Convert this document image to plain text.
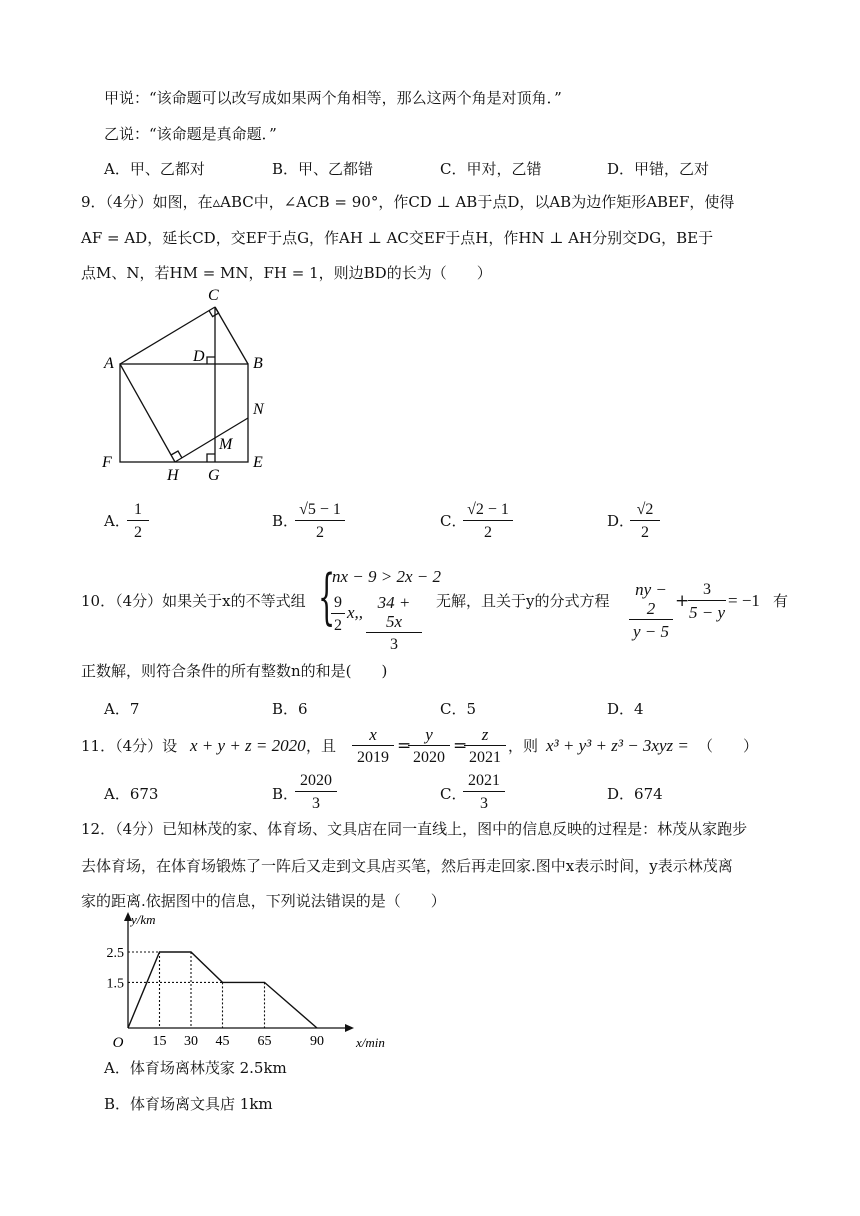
甲说：“该命题可以改写成如果两个角相等，那么这两个角是对顶角．”
乙说：“该命题是真命题．”
A．甲、乙都对	B．甲、乙都错	C．甲对，乙错	D．甲错，乙对
9．（4分）如图，在▵ABC中，∠ACB = 90°，作CD ⊥ AB于点D，以AB为边作矩形ABEF，使得
AF = AD，延长CD，交EF于点G，作AH ⊥ AC交EF于点H，作HN ⊥ AH分别交DG，BE于
点M、N，若HM = MN，FH = 1，则边BD的长为（　　）
C
D
A	B
N
M
F
H G
E
A．
$\frac{1}{2}$	B．
$\frac{√5 - 1}{2}$	C．
$\frac{√2 - 1}{2}$	D．
$\frac{√2}{2}$
10．（4分）如果关于x的不等式组 {
nx − 9 > 2x − 2
$\frac{9}{2} x$,, $\frac{34 + 5x}{3}$ 无解，且关于y的分式方程 $\frac{ny - 2}{y - 5}$ +
$\frac{3}{5 - y} = -1$ 有
正数解，则符合条件的所有整数n的和是(　　)
A．7	B．6	C．5	D．4
11．（4分）设 x + y + z = 2020 ，且 $\frac{x}{2019}$ =
$\frac{y}{2020}$ =
$\frac{z}{2021}$ ，则 x³ + y³ + z³ − 3xyz = （　　）
A．673	B．
$\frac{2020}{3}$	C．
$\frac{2021}{3}$	D．674
12．（4分）已知林茂的家、体育场、文具店在同一直线上，图中的信息反映的过程是：林茂从家跑步
去体育场，在体育场锻炼了一阵后又走到文具店买笔，然后再走回家.图中x表示时间，y表示林茂离
家的距离.依据图中的信息，下列说法错误的是（　　）
1.5
2.5
15 30 45 65	90
O	x/min
y/km
A．体育场离林茂家 2.5km
B．体育场离文具店 1km
